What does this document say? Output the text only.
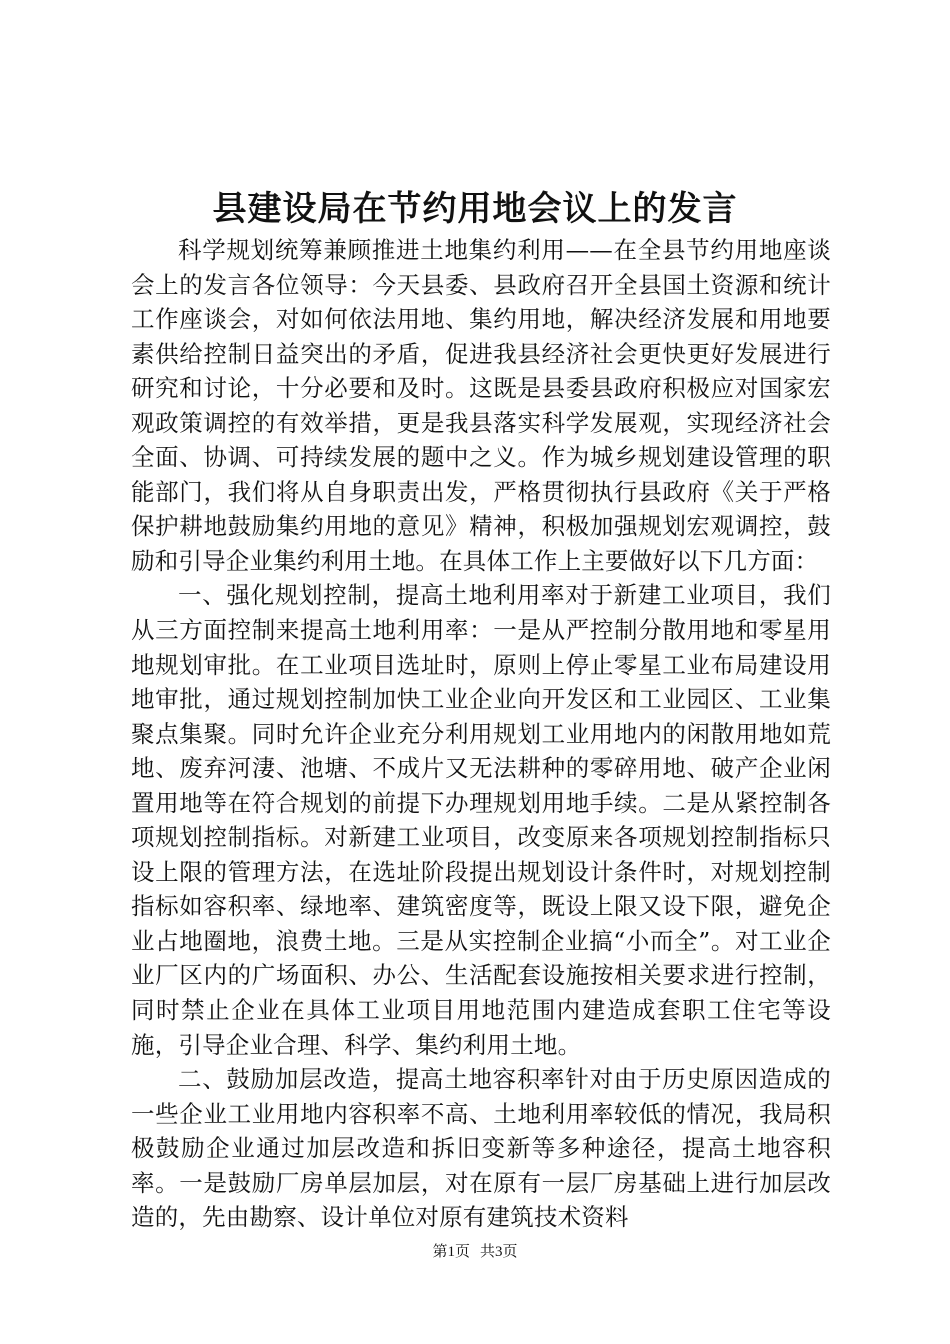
县建设局在节约用地会议上的发言

科学规划统筹兼顾推进土地集约利用——在全县节约用地座谈会上的发言各位领导：今天县委、县政府召开全县国土资源和统计工作座谈会，对如何依法用地、集约用地，解决经济发展和用地要素供给控制日益突出的矛盾，促进我县经济社会更快更好发展进行研究和讨论，十分必要和及时。这既是县委县政府积极应对国家宏观政策调控的有效举措，更是我县落实科学发展观，实现经济社会全面、协调、可持续发展的题中之义。作为城乡规划建设管理的职能部门，我们将从自身职责出发，严格贯彻执行县政府《关于严格保护耕地鼓励集约用地的意见》精神，积极加强规划宏观调控，鼓励和引导企业集约利用土地。在具体工作上主要做好以下几方面：

一、强化规划控制，提高土地利用率对于新建工业项目，我们从三方面控制来提高土地利用率：一是从严控制分散用地和零星用地规划审批。在工业项目选址时，原则上停止零星工业布局建设用地审批，通过规划控制加快工业企业向开发区和工业园区、工业集聚点集聚。同时允许企业充分利用规划工业用地内的闲散用地如荒地、废弃河淒、池塘、不成片又无法耕种的零碎用地、破产企业闲置用地等在符合规划的前提下办理规划用地手续。二是从紧控制各项规划控制指标。对新建工业项目，改变原来各项规划控制指标只设上限的管理方法，在选址阶段提出规划设计条件时，对规划控制指标如容积率、绿地率、建筑密度等，既设上限又设下限，避免企业占地圈地，浪费土地。三是从实控制企业搞“小而全”。对工业企业厂区内的广场面积、办公、生活配套设施按相关要求进行控制，同时禁止企业在具体工业项目用地范围内建造成套职工住宅等设施，引导企业合理、科学、集约利用土地。

二、鼓励加层改造，提高土地容积率针对由于历史原因造成的一些企业工业用地内容积率不高、土地利用率较低的情况，我局积极鼓励企业通过加层改造和拆旧变新等多种途径，提高土地容积率。一是鼓励厂房单层加层，对在原有一层厂房基础上进行加层改造的，先由勘察、设计单位对原有建筑技术资料

第1页 共3页
